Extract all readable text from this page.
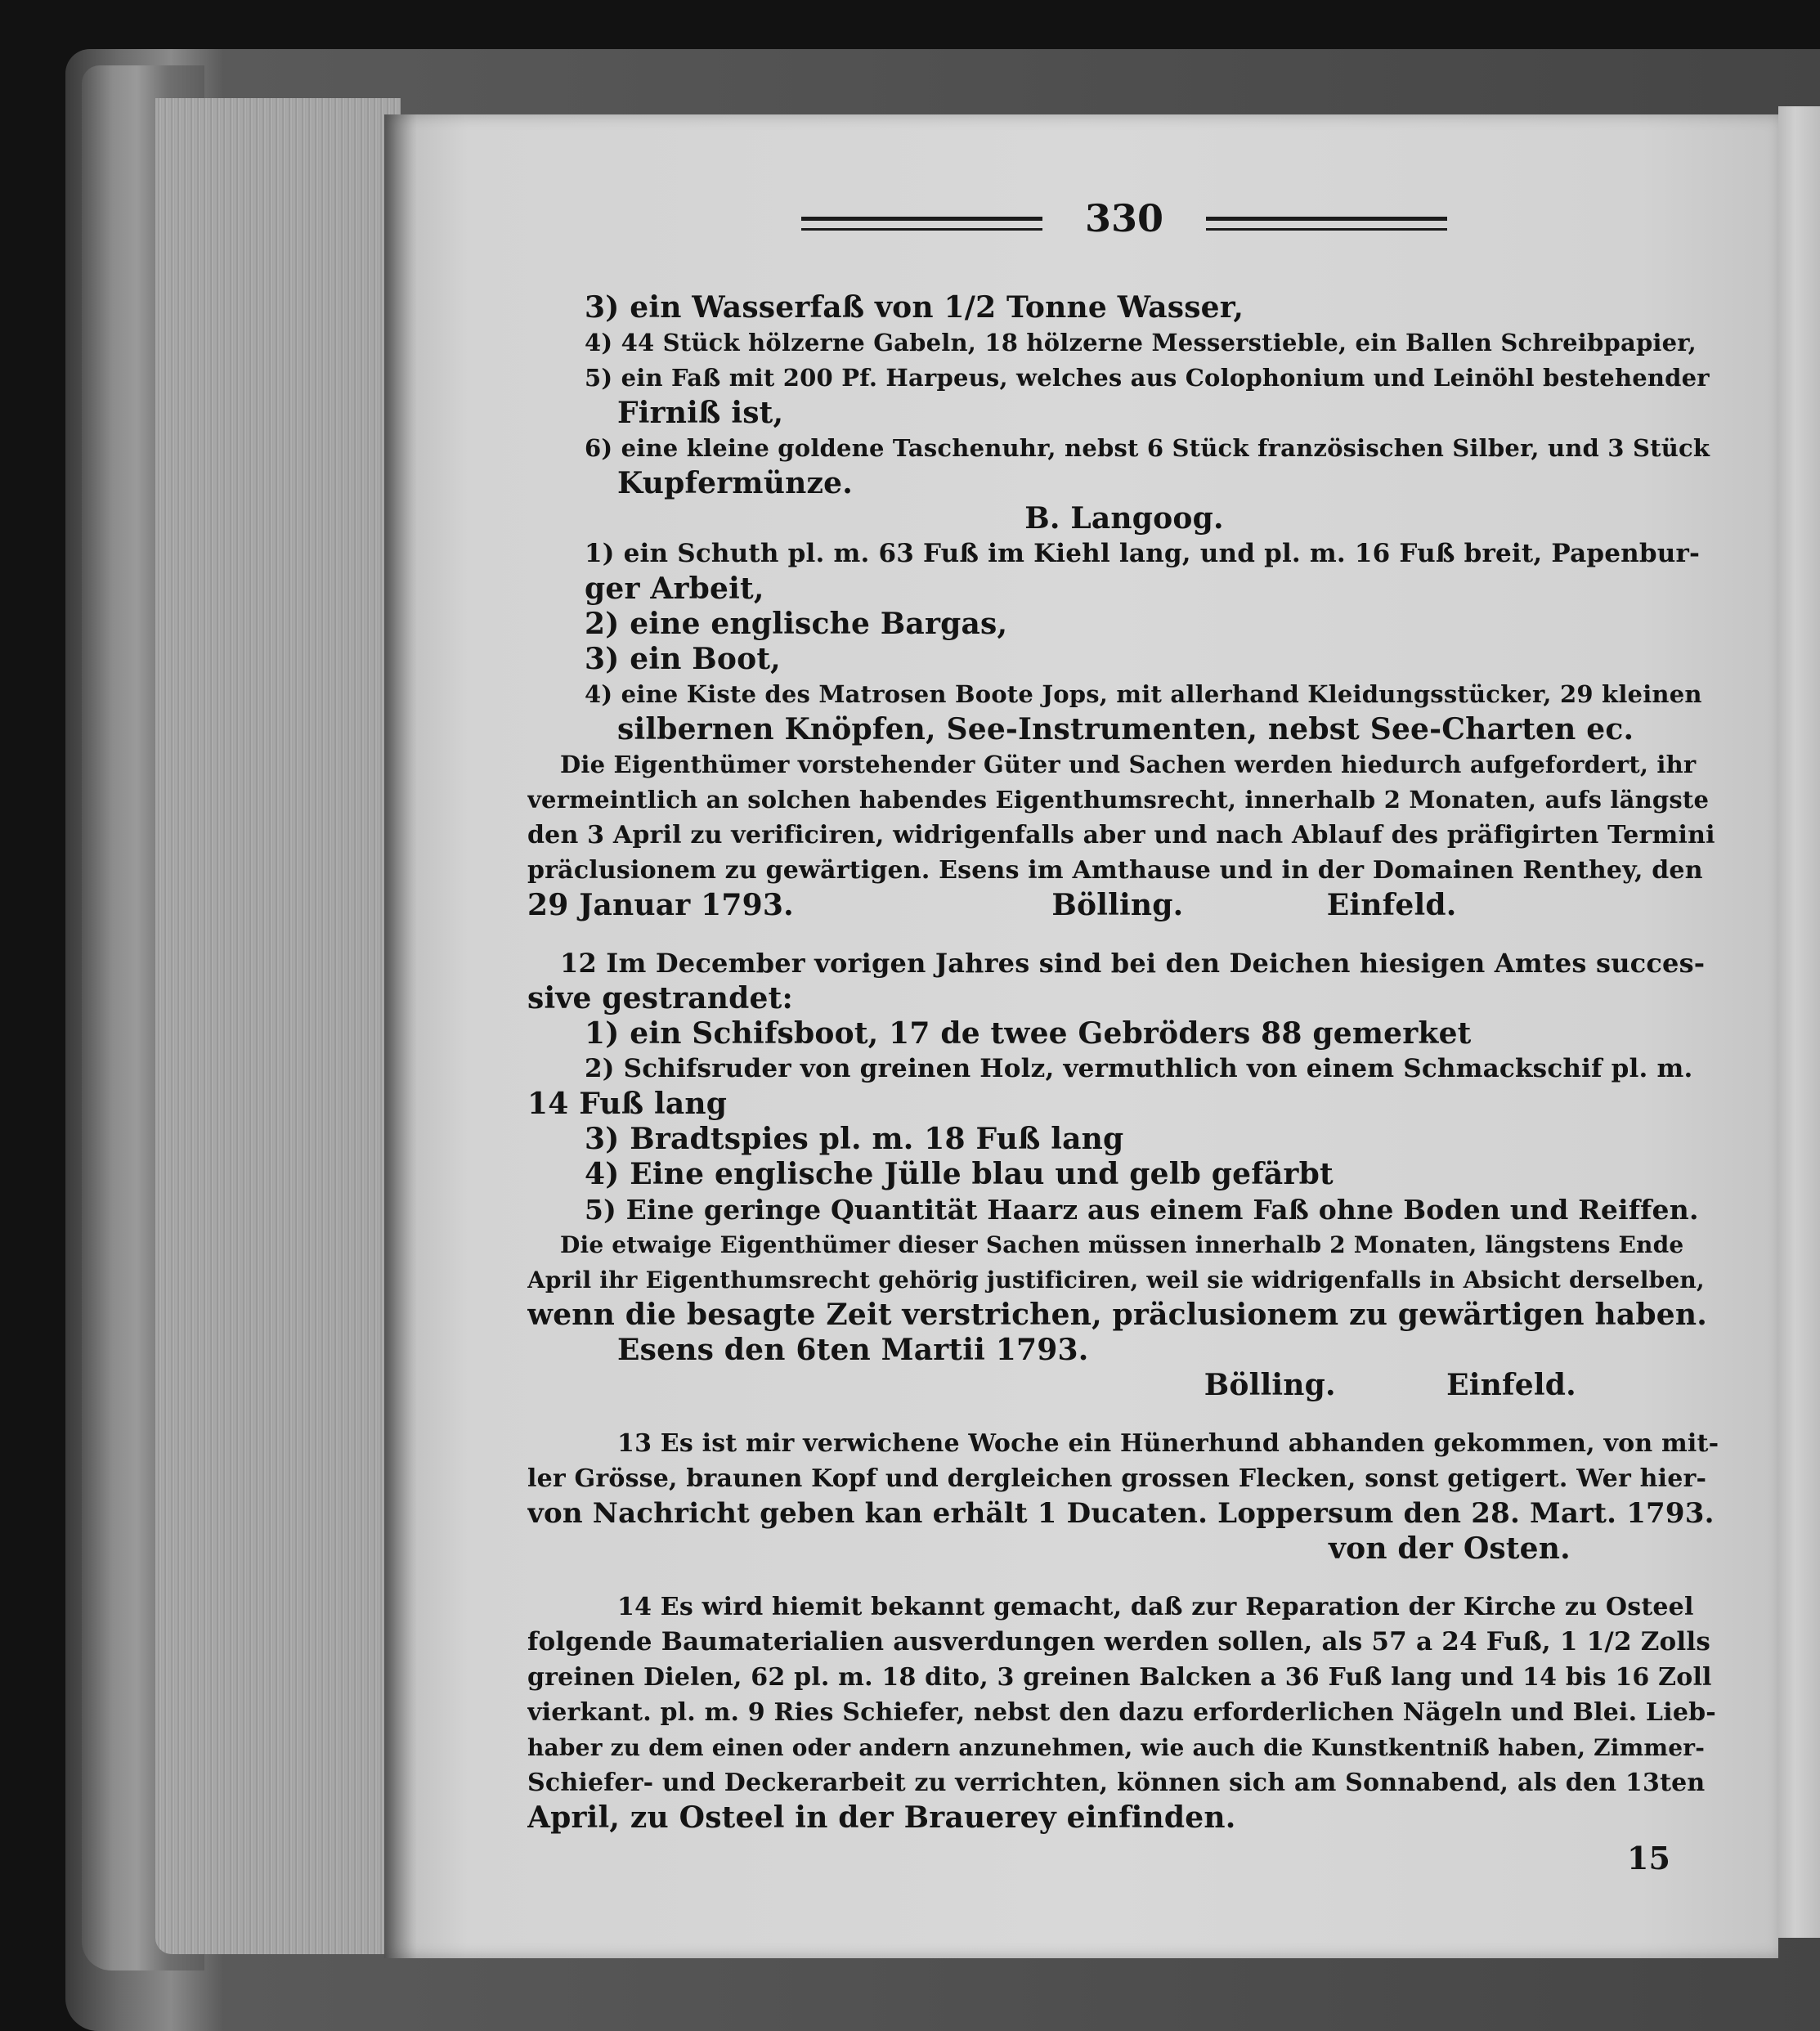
330
3) ein Wasserfaß von 1/2 Tonne Wasser,
4) 44 Stück hölzerne Gabeln, 18 hölzerne Messerstieble, ein Ballen Schreibpapier,
5) ein Faß mit 200 Pf. Harpeus, welches aus Colophonium und Leinöhl bestehender
Firniß ist,
6) eine kleine goldene Taschenuhr, nebst 6 Stück französischen Silber, und 3 Stück
Kupfermünze.
B. Langoog.
1) ein Schuth pl. m. 63 Fuß im Kiehl lang, und pl. m. 16 Fuß breit, Papenbur-
ger Arbeit,
2) eine englische Bargas,
3) ein Boot,
4) eine Kiste des Matrosen Boote Jops, mit allerhand Kleidungsstücker, 29 kleinen
silbernen Knöpfen, See-Instrumenten, nebst See-Charten ec.
Die Eigenthümer vorstehender Güter und Sachen werden hiedurch aufgefordert, ihr
vermeintlich an solchen habendes Eigenthumsrecht, innerhalb 2 Monaten, aufs längste
den 3 April zu verificiren, widrigenfalls aber und nach Ablauf des präfigirten Termini
präclusionem zu gewärtigen. Esens im Amthause und in der Domainen Renthey, den
29 Januar 1793.	Bölling.	Einfeld.
12 Im December vorigen Jahres sind bei den Deichen hiesigen Amtes succes-
sive gestrandet:
1) ein Schifsboot, 17 de twee Gebröders 88 gemerket
2) Schifsruder von greinen Holz, vermuthlich von einem Schmackschif pl. m.
14 Fuß lang
3) Bradtspies pl. m. 18 Fuß lang
4) Eine englische Jülle blau und gelb gefärbt
5) Eine geringe Quantität Haarz aus einem Faß ohne Boden und Reiffen.
Die etwaige Eigenthümer dieser Sachen müssen innerhalb 2 Monaten, längstens Ende
April ihr Eigenthumsrecht gehörig justificiren, weil sie widrigenfalls in Absicht derselben,
wenn die besagte Zeit verstrichen, präclusionem zu gewärtigen haben.
Esens den 6ten Martii 1793.
Bölling.	Einfeld.
13 Es ist mir verwichene Woche ein Hünerhund abhanden gekommen, von mit-
ler Grösse, braunen Kopf und dergleichen grossen Flecken, sonst getigert. Wer hier-
von Nachricht geben kan erhält 1 Ducaten. Loppersum den 28. Mart. 1793.
von der Osten.
14 Es wird hiemit bekannt gemacht, daß zur Reparation der Kirche zu Osteel
folgende Baumaterialien ausverdungen werden sollen, als 57 a 24 Fuß, 1 1/2 Zolls
greinen Dielen, 62 pl. m. 18 dito, 3 greinen Balcken a 36 Fuß lang und 14 bis 16 Zoll
vierkant. pl. m. 9 Ries Schiefer, nebst den dazu erforderlichen Nägeln und Blei. Lieb-
haber zu dem einen oder andern anzunehmen, wie auch die Kunstkentniß haben, Zimmer-
Schiefer- und Deckerarbeit zu verrichten, können sich am Sonnabend, als den 13ten
April, zu Osteel in der Brauerey einfinden.
15
